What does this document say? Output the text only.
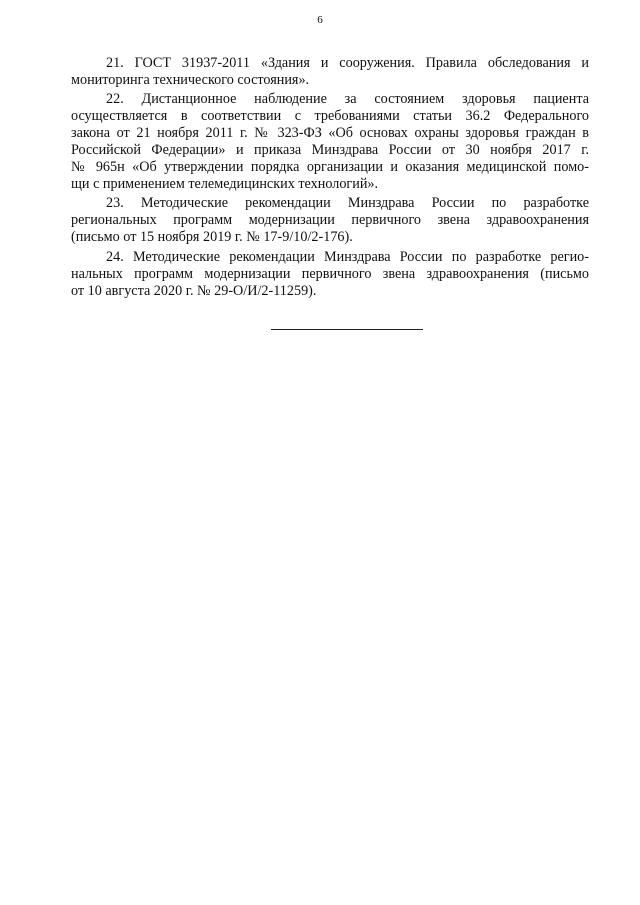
6
21. ГОСТ 31937-2011 «Здания и сооружения. Правила обследования и
мониторинга технического состояния».
22. Дистанционное наблюдение за состоянием здоровья пациента
осуществляется в соответствии с требованиями статьи 36.2 Федерального
закона от 21 ноября 2011 г. № 323-ФЗ «Об основах охраны здоровья граждан в
Российской Федерации» и приказа Минздрава России от 30 ноября 2017 г.
№ 965н «Об утверждении порядка организации и оказания медицинской помо-
щи с применением телемедицинских технологий».
23. Методические рекомендации Минздрава России по разработке
региональных программ модернизации первичного звена здравоохранения
(письмо от 15 ноября 2019 г. № 17-9/10/2-176).
24. Методические рекомендации Минздрава России по разработке регио-
нальных программ модернизации первичного звена здравоохранения (письмо
от 10 августа 2020 г. № 29-О/И/2-11259).
